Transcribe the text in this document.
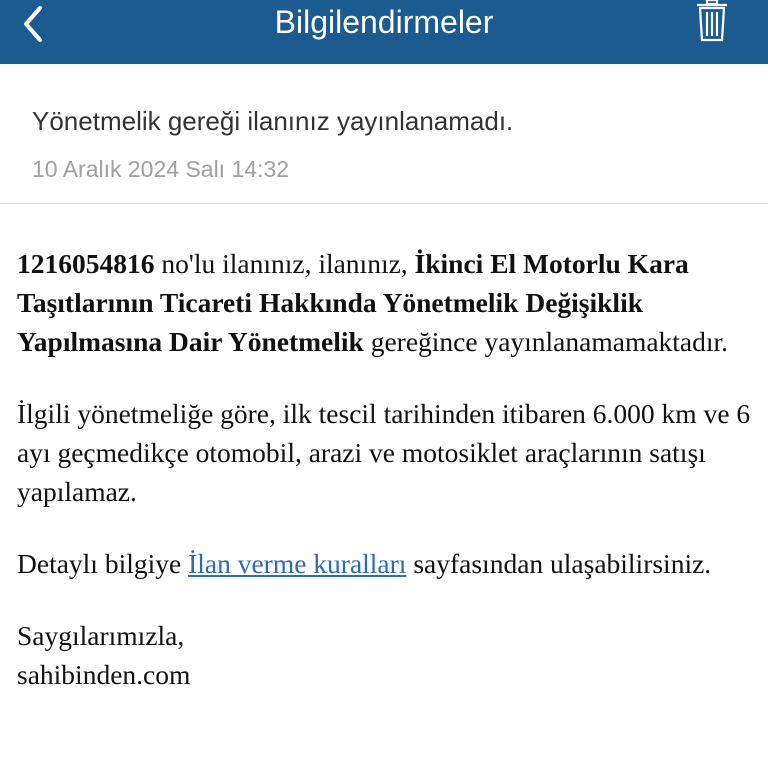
Bilgilendirmeler
Yönetmelik gereği ilanınız yayınlanamadı.
10 Aralık 2024 Salı 14:32

1216054816 no'lu ilanınız, ilanınız, İkinci El Motorlu Kara Taşıtlarının Ticareti Hakkında Yönetmelik Değişiklik Yapılmasına Dair Yönetmelik gereğince yayınlanamamaktadır.

İlgili yönetmeliğe göre, ilk tescil tarihinden itibaren 6.000 km ve 6 ayı geçmedikçe otomobil, arazi ve motosiklet araçlarının satışı yapılamaz.

Detaylı bilgiye İlan verme kuralları sayfasından ulaşabilirsiniz.

Saygılarımızla,
sahibinden.com
